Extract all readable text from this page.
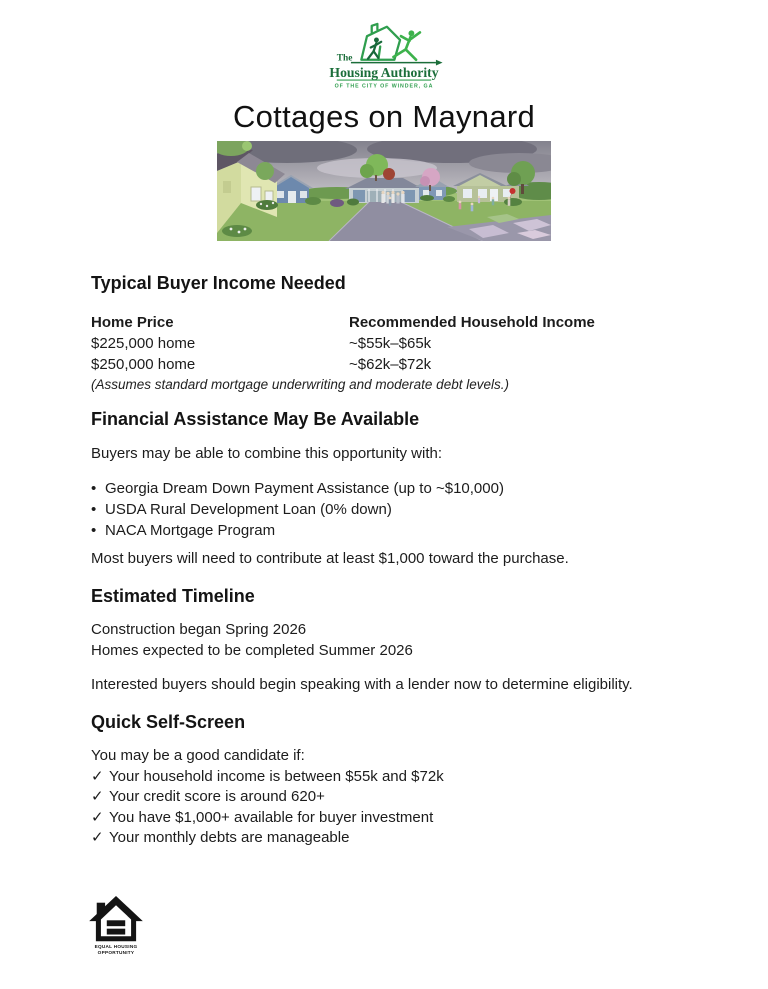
The
Housing Authority
OF THE CITY OF WINDER, GA
Cottages on Maynard
Typical Buyer Income Needed
Home Price	Recommended Household Income
$225,000 home	~$55k–$65k
$250,000 home	~$62k–$72k

(Assumes standard mortgage underwriting and moderate debt levels.)

Financial Assistance May Be Available

Buyers may be able to combine this opportunity with:

• Georgia Dream Down Payment Assistance (up to ~$10,000)
• USDA Rural Development Loan (0% down)
• NACA Mortgage Program

Most buyers will need to contribute at least $1,000 toward the purchase.

Estimated Timeline

Construction began Spring 2026

Homes expected to be completed Summer 2026

Interested buyers should begin speaking with a lender now to determine eligibility.

Quick Self-Screen

You may be a good candidate if:

✓ Your household income is between $55k and $72k
✓ Your credit score is around 620+
✓ You have $1,000+ available for buyer investment
✓ Your monthly debts are manageable
EQUAL HOUSING
OPPORTUNITY
